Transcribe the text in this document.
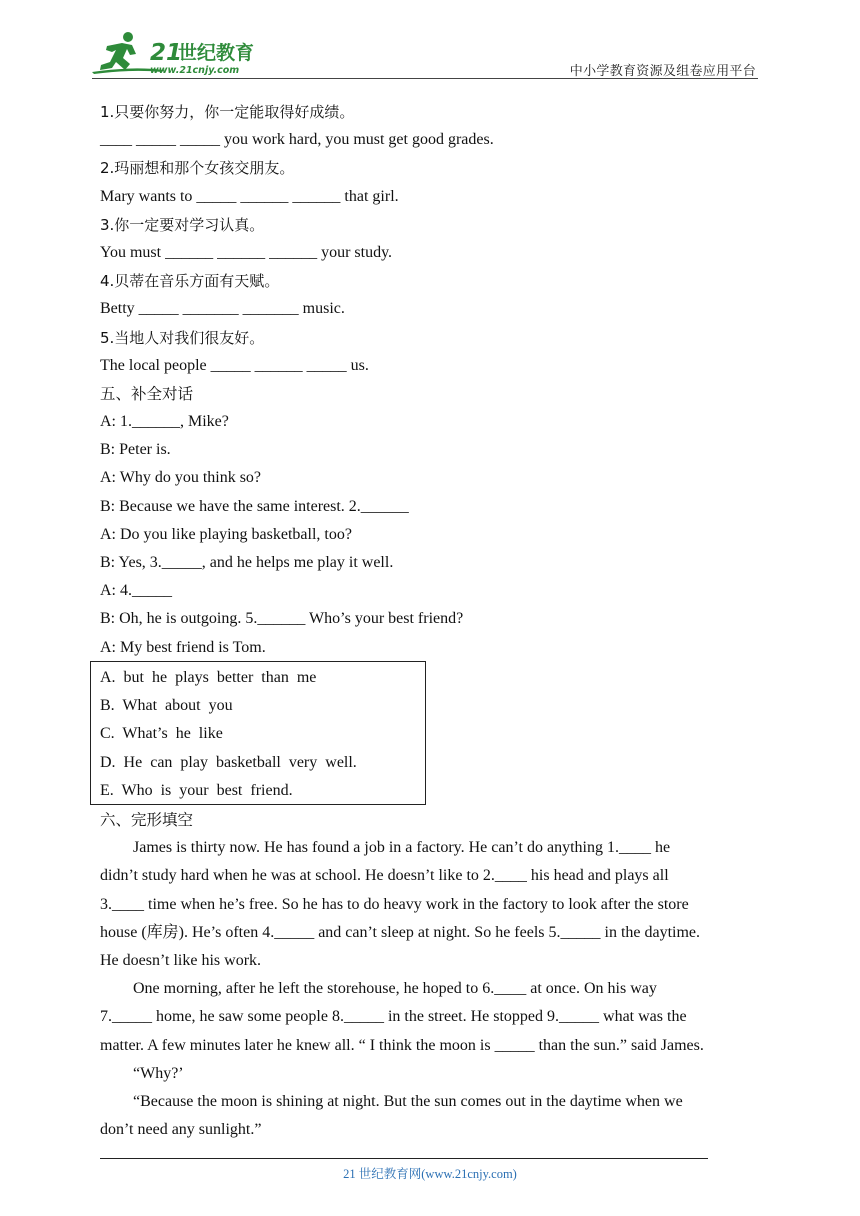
21
世纪教育
www.21cnjy.com	中小学教育资源及组卷应用平台
1.只要你努力，你一定能取得好成绩。
____ _____ _____ you work hard, you must get good grades.
2.玛丽想和那个女孩交朋友。
Mary wants to _____ ______ ______ that girl.
3.你一定要对学习认真。
You must ______ ______ ______ your study.
4.贝蒂在音乐方面有天赋。
Betty _____ _______ _______ music.
5.当地人对我们很友好。
The local people _____ ______ _____ us.
五、补全对话
A: 1.______, Mike?
B: Peter is.
A: Why do you think so?
B: Because we have the same interest. 2.______
A: Do you like playing basketball, too?
B: Yes, 3._____, and he helps me play it well.
A: 4._____
B: Oh, he is outgoing. 5.______ Who’s your best friend?
A: My best friend is Tom.
A. but he plays better than me
B. What about you
C. What’s he like
D. He can play basketball very well.
E. Who is your best friend.
六、完形填空
James is thirty now. He has found a job in a factory. He can’t do anything 1.____ he
didn’t study hard when he was at school. He doesn’t like to 2.____ his head and plays all
3.____ time when he’s free. So he has to do heavy work in the factory to look after the store
house (库房). He’s often 4._____ and can’t sleep at night. So he feels 5._____ in the daytime.
He doesn’t like his work.
One morning, after he left the storehouse, he hoped to 6.____ at once. On his way
7._____ home, he saw some people 8._____ in the street. He stopped 9._____ what was the
matter. A few minutes later he knew all. “ I think the moon is _____ than the sun.” said James.
“Why?’
“Because the moon is shining at night. But the sun comes out in the daytime when we
don’t need any sunlight.”
21 世纪教育网(www.21cnjy.com)
